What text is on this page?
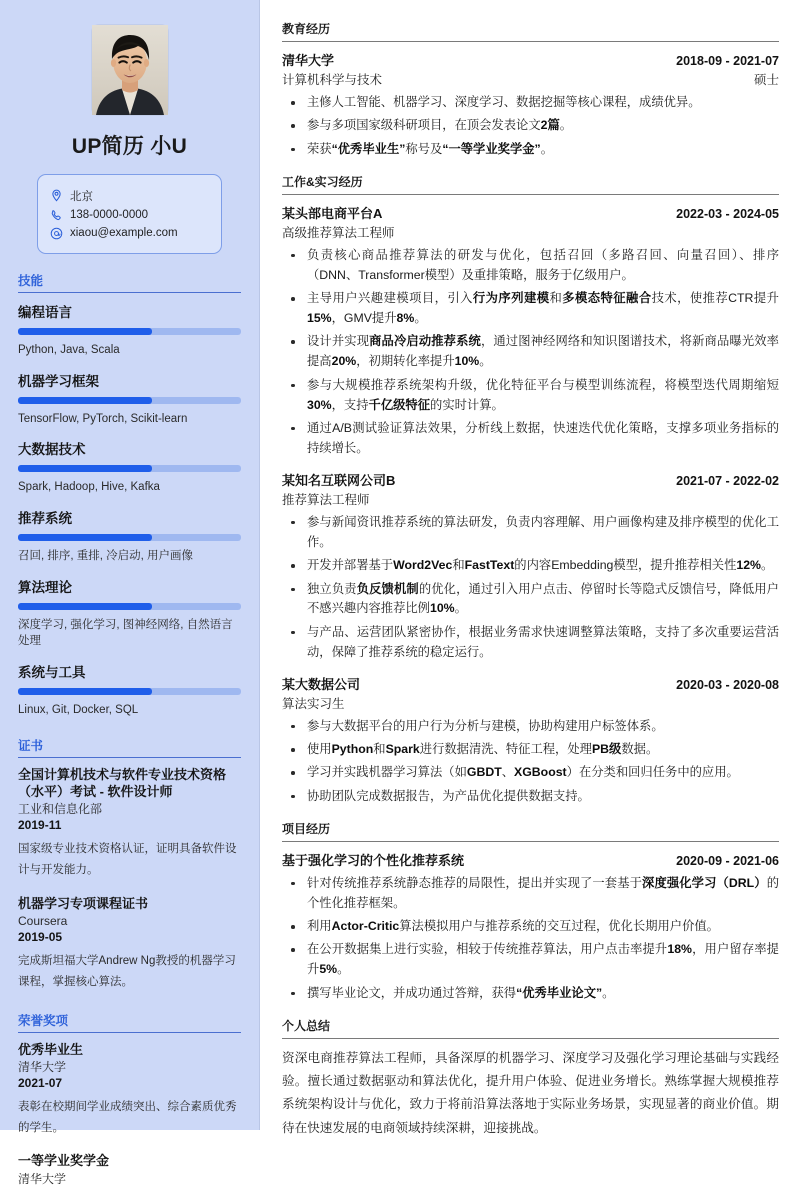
UP简历 小U
北京
138-0000-0000
xiaou@example.com
技能
编程语言
Python, Java, Scala
机器学习框架
TensorFlow, PyTorch, Scikit-learn
大数据技术
Spark, Hadoop, Hive, Kafka
推荐系统
召回, 排序, 重排, 冷启动, 用户画像
算法理论
深度学习, 强化学习, 图神经网络, 自然语言处理
系统与工具
Linux, Git, Docker, SQL
证书
全国计算机技术与软件专业技术资格（水平）考试 - 软件设计师
工业和信息化部
2019-11
国家级专业技术资格认证，证明具备软件设计与开发能力。
机器学习专项课程证书
Coursera
2019-05
完成斯坦福大学Andrew Ng教授的机器学习课程，掌握核心算法。
荣誉奖项
优秀毕业生
清华大学
2021-07
表彰在校期间学业成绩突出、综合素质优秀的学生。
一等学业奖学金
清华大学
教育经历
清华大学	2018-09 - 2021-07
计算机科学与技术	硕士
主修人工智能、机器学习、深度学习、数据挖掘等核心课程，成绩优异。
参与多项国家级科研项目，在顶会发表论文2篇。
荣获“优秀毕业生”称号及“一等学业奖学金”。
工作&实习经历
某头部电商平台A	2022-03 - 2024-05
高级推荐算法工程师
负责核心商品推荐算法的研发与优化，包括召回（多路召回、向量召回）、排序（DNN、Transformer模型）及重排策略，服务于亿级用户。
主导用户兴趣建模项目，引入行为序列建模和多模态特征融合技术，使推荐CTR提升15%，GMV提升8%。
设计并实现商品冷启动推荐系统，通过图神经网络和知识图谱技术，将新商品曝光效率提高20%，初期转化率提升10%。
参与大规模推荐系统架构升级，优化特征平台与模型训练流程，将模型迭代周期缩短30%，支持千亿级特征的实时计算。
通过A/B测试验证算法效果，分析线上数据，快速迭代优化策略，支撑多项业务指标的持续增长。
某知名互联网公司B	2021-07 - 2022-02
推荐算法工程师
参与新闻资讯推荐系统的算法研发，负责内容理解、用户画像构建及排序模型的优化工作。
开发并部署基于Word2Vec和FastText的内容Embedding模型，提升推荐相关性12%。
独立负责负反馈机制的优化，通过引入用户点击、停留时长等隐式反馈信号，降低用户不感兴趣内容推荐比例10%。
与产品、运营团队紧密协作，根据业务需求快速调整算法策略，支持了多次重要运营活动，保障了推荐系统的稳定运行。
某大数据公司	2020-03 - 2020-08
算法实习生
参与大数据平台的用户行为分析与建模，协助构建用户标签体系。
使用Python和Spark进行数据清洗、特征工程，处理PB级数据。
学习并实践机器学习算法（如GBDT、XGBoost）在分类和回归任务中的应用。
协助团队完成数据报告，为产品优化提供数据支持。
项目经历
基于强化学习的个性化推荐系统	2020-09 - 2021-06
针对传统推荐系统静态推荐的局限性，提出并实现了一套基于深度强化学习（DRL）的个性化推荐框架。
利用Actor-Critic算法模拟用户与推荐系统的交互过程，优化长期用户价值。
在公开数据集上进行实验，相较于传统推荐算法，用户点击率提升18%，用户留存率提升5%。
撰写毕业论文，并成功通过答辩，获得“优秀毕业论文”。
个人总结
资深电商推荐算法工程师，具备深厚的机器学习、深度学习及强化学习理论基础与实践经验。擅长通过数据驱动和算法优化，提升用户体验、促进业务增长。熟练掌握大规模推荐系统架构设计与优化，致力于将前沿算法落地于实际业务场景，实现显著的商业价值。期待在快速发展的电商领域持续深耕，迎接挑战。
